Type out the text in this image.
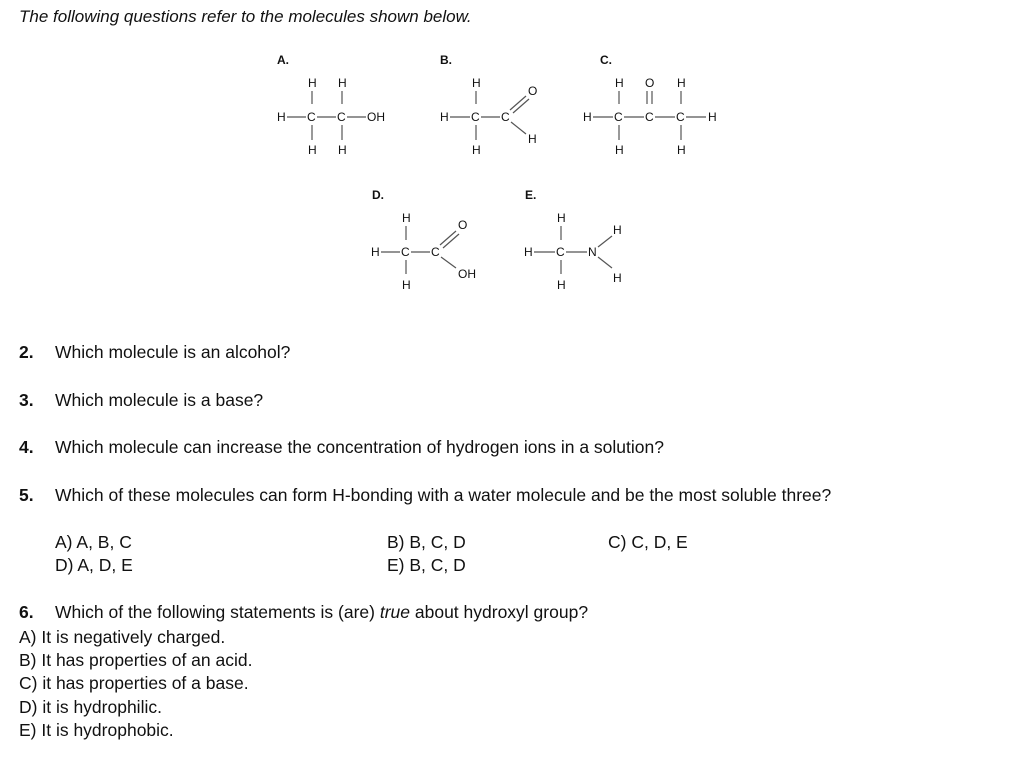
The following questions refer to the molecules shown below.

A.
H H
H C C OH
H H
B.
H
H C C
O
H
H
C.
H O H
H C C C H
H	H
D.
H
H C C
O
OH
H
E.
H
H C N
H
H
H

2. Which molecule is an alcohol?

3. Which molecule is a base?

4. Which molecule can increase the concentration of hydrogen ions in a solution?

5. Which of these molecules can form H-bonding with a water molecule and be the most soluble three?

A) A, B, C
D) A, D, E
B) B, C, D
E) B, C, D
C) C, D, E

6. Which of the following statements is (are) true about hydroxyl group?

A) It is negatively charged.
B) It has properties of an acid.
C) it has properties of a base.
D) it is hydrophilic.
E) It is hydrophobic.
